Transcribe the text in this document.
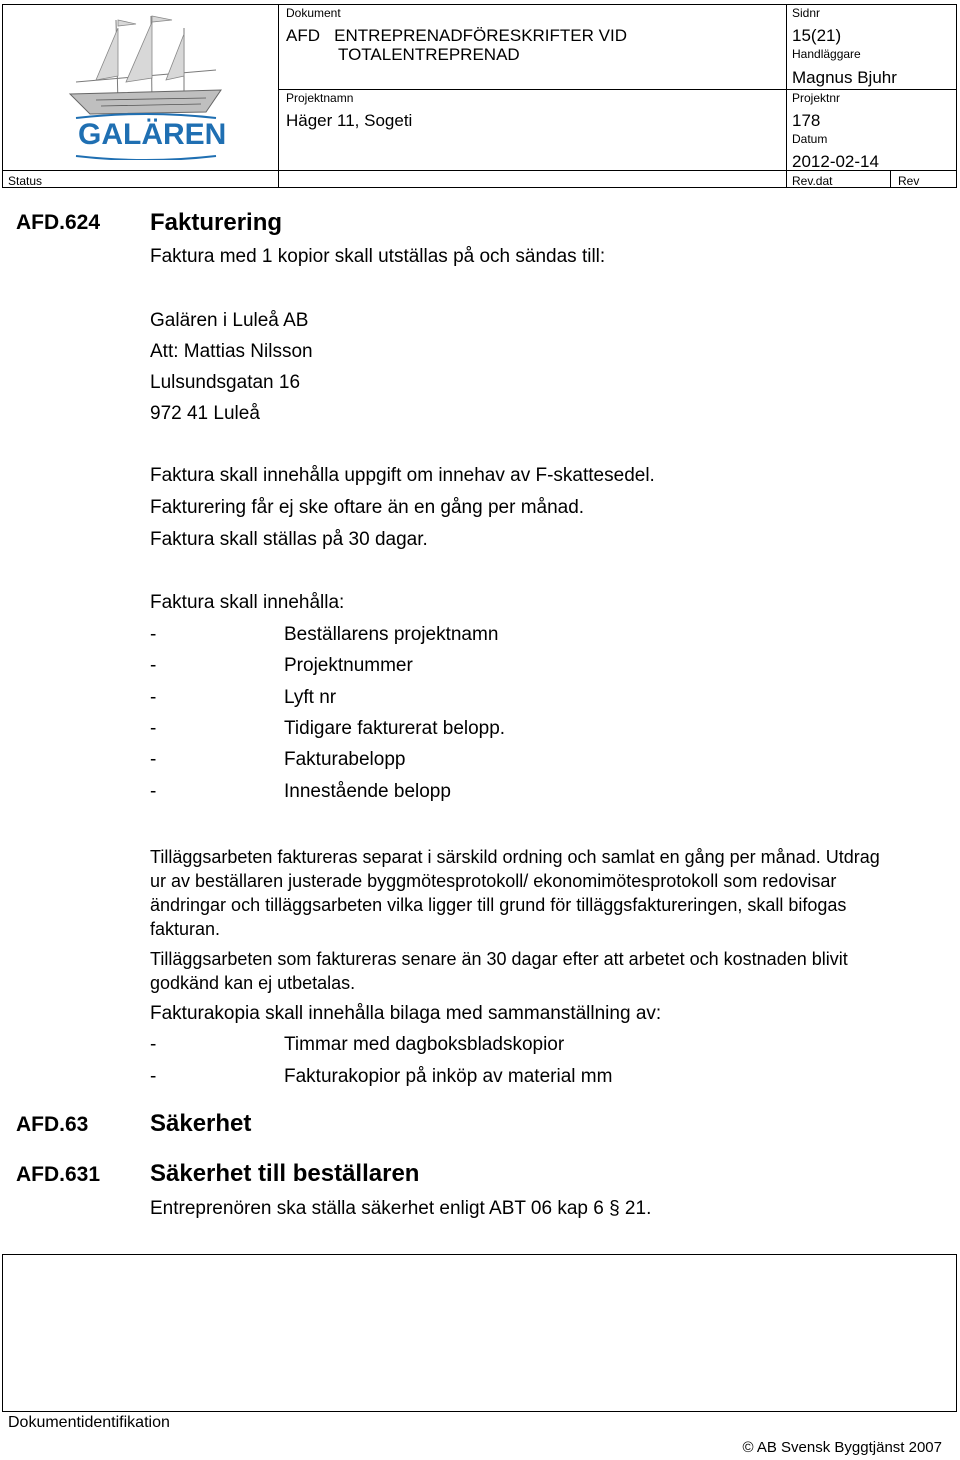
GALÄREN
Dokument
AFD   ENTREPRENADFÖRESKRIFTER VID
TOTALENTREPRENAD
Sidnr
15(21)
Handläggare
Magnus Bjuhr
Projektnamn
Häger 11, Sogeti
Projektnr
178
Datum
2012-02-14
Status	Rev.dat	Rev
AFD.624 Fakturering
Faktura med 1 kopior skall utställas på och sändas till:
Galären i Luleå AB
Att: Mattias Nilsson
Lulsundsgatan 16
972 41 Luleå
Faktura skall innehålla uppgift om innehav av F-skattesedel.
Fakturering får ej ske oftare än en gång per månad.
Faktura skall ställas på 30 dagar.
Faktura skall innehålla:
-	Beställarens projektnamn
-	Projektnummer
-	Lyft nr
-	Tidigare fakturerat belopp.
-	Fakturabelopp
-	Innestående belopp
Tilläggsarbeten faktureras separat i särskild ordning och samlat en gång per månad. Utdrag ur av beställaren justerade byggmötesprotokoll/ ekonomimötesprotokoll som redovisar ändringar och tilläggsarbeten vilka ligger till grund för tilläggsfaktureringen, skall bifogas fakturan.
Tilläggsarbeten som faktureras senare än 30 dagar efter att arbetet och kostnaden blivit godkänd kan ej utbetalas.
Fakturakopia skall innehålla bilaga med sammanställning av:
-	Timmar med dagboksbladskopior
-	Fakturakopior på inköp av material mm
AFD.63	Säkerhet
AFD.631 Säkerhet till beställaren
Entreprenören ska ställa säkerhet enligt ABT 06 kap 6 § 21.
Dokumentidentifikation
© AB Svensk Byggtjänst 2007
